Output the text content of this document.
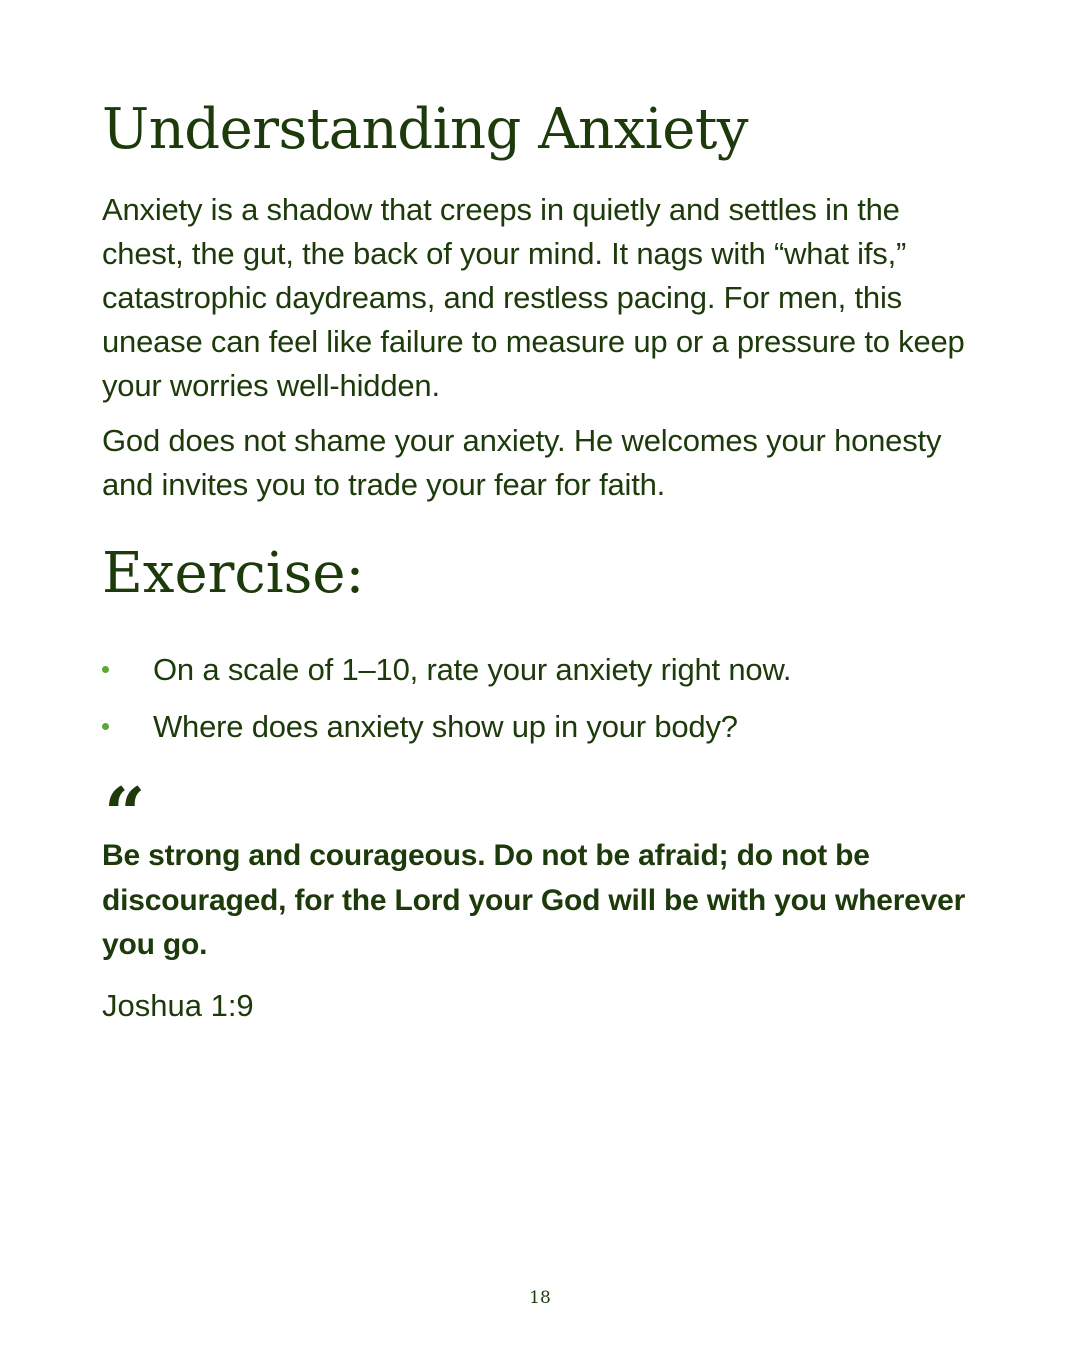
Understanding Anxiety

Anxiety is a shadow that creeps in quietly and settles in the chest, the gut, the back of your mind. It nags with “what ifs,” catastrophic daydreams, and restless pacing. For men, this unease can feel like failure to measure up or a pressure to keep your worries well-hidden.

God does not shame your anxiety. He welcomes your honesty and invites you to trade your fear for faith.

Exercise:
On a scale of 1–10, rate your anxiety right now.
Where does anxiety show up in your body?
“

Be strong and courageous. Do not be afraid; do not be discouraged, for the Lord your God will be with you wherever you go.

Joshua 1:9

18
